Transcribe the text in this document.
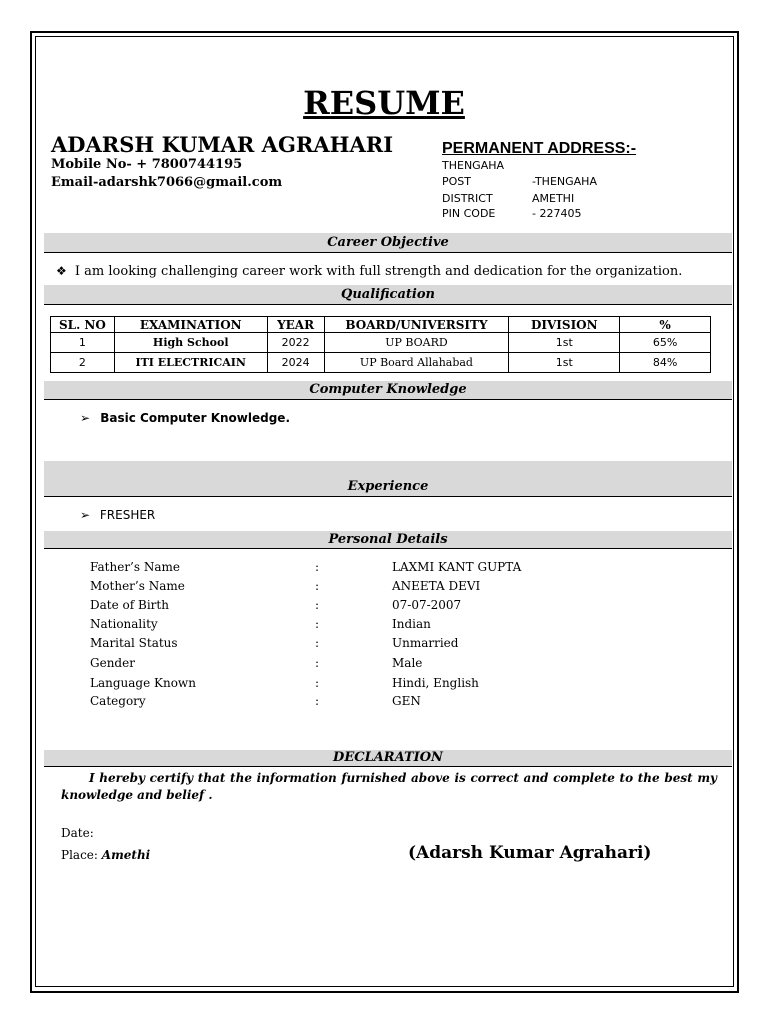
RESUME
ADARSH KUMAR AGRAHARI
Mobile No- + 7800744195
Email-adarshk7066@gmail.com
PERMANENT ADDRESS:-
THENGAHA
POST	-THENGAHA
DISTRICT	AMETHI
PIN CODE	- 227405
Career Objective
❖ I am looking challenging career work with full strength and dedication for the organization.
Qualification
SL. NO	EXAMINATION	YEAR	BOARD/UNIVERSITY	DIVISION	%
1	High School	2022	UP BOARD	1st	65%
2	ITI ELECTRICAIN	2024	UP Board Allahabad	1st	84%
Computer Knowledge
➢ Basic Computer Knowledge.
Experience
➢ FRESHER
Personal Details
Father’s Name	:	LAXMI KANT GUPTA
Mother’s Name	:	ANEETA DEVI
Date of Birth	:	07-07-2007
Nationality	:	Indian
Marital Status	:	Unmarried
Gender	:	Male
Language Known	:	Hindi, English
Category	:	GEN
DECLARATION
I hereby certify that the information furnished above is correct and complete to the best my knowledge and belief .
Date:
Place: Amethi	(Adarsh Kumar Agrahari)
